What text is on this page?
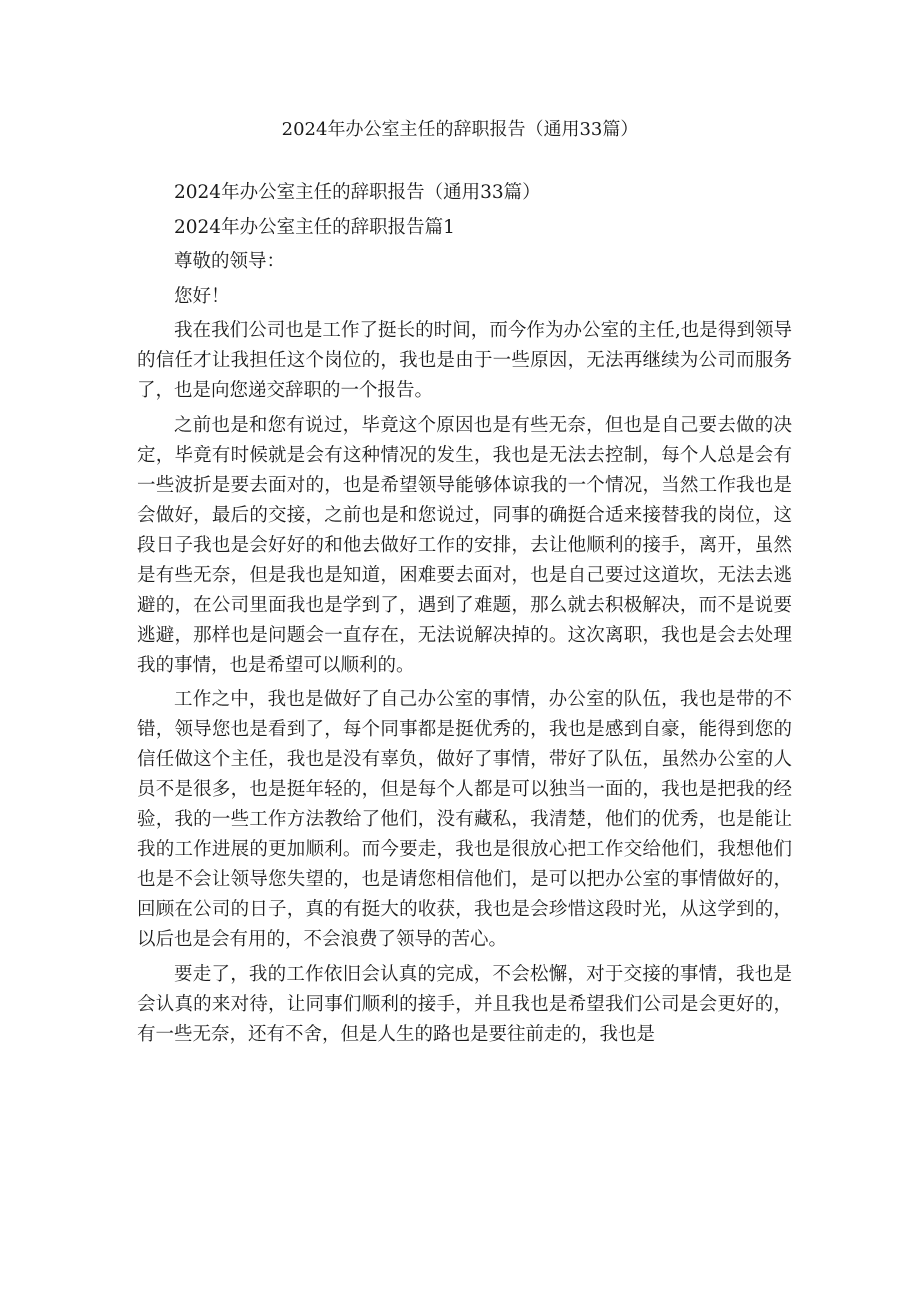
2024年办公室主任的辞职报告（通用33篇）

2024年办公室主任的辞职报告（通用33篇）

2024年办公室主任的辞职报告篇1

尊敬的领导：

您好！

我在我们公司也是工作了挺长的时间，而今作为办公室的主任,也是得到领导的信任才让我担任这个岗位的，我也是由于一些原因，无法再继续为公司而服务了，也是向您递交辞职的一个报告。

之前也是和您有说过，毕竟这个原因也是有些无奈，但也是自己要去做的决定，毕竟有时候就是会有这种情况的发生，我也是无法去控制，每个人总是会有一些波折是要去面对的，也是希望领导能够体谅我的一个情况，当然工作我也是会做好，最后的交接，之前也是和您说过，同事的确挺合适来接替我的岗位，这段日子我也是会好好的和他去做好工作的安排，去让他顺利的接手，离开，虽然是有些无奈，但是我也是知道，困难要去面对，也是自己要过这道坎，无法去逃避的，在公司里面我也是学到了，遇到了难题，那么就去积极解决，而不是说要逃避，那样也是问题会一直存在，无法说解决掉的。这次离职，我也是会去处理我的事情，也是希望可以顺利的。

工作之中，我也是做好了自己办公室的事情，办公室的队伍，我也是带的不错，领导您也是看到了，每个同事都是挺优秀的，我也是感到自豪，能得到您的信任做这个主任，我也是没有辜负，做好了事情，带好了队伍，虽然办公室的人员不是很多，也是挺年轻的，但是每个人都是可以独当一面的，我也是把我的经验，我的一些工作方法教给了他们，没有藏私，我清楚，他们的优秀，也是能让我的工作进展的更加顺利。而今要走，我也是很放心把工作交给他们，我想他们也是不会让领导您失望的，也是请您相信他们，是可以把办公室的事情做好的，回顾在公司的日子，真的有挺大的收获，我也是会珍惜这段时光，从这学到的，以后也是会有用的，不会浪费了领导的苦心。

要走了，我的工作依旧会认真的完成，不会松懈，对于交接的事情，我也是会认真的来对待，让同事们顺利的接手，并且我也是希望我们公司是会更好的，有一些无奈，还有不舍，但是人生的路也是要往前走的，我也是
